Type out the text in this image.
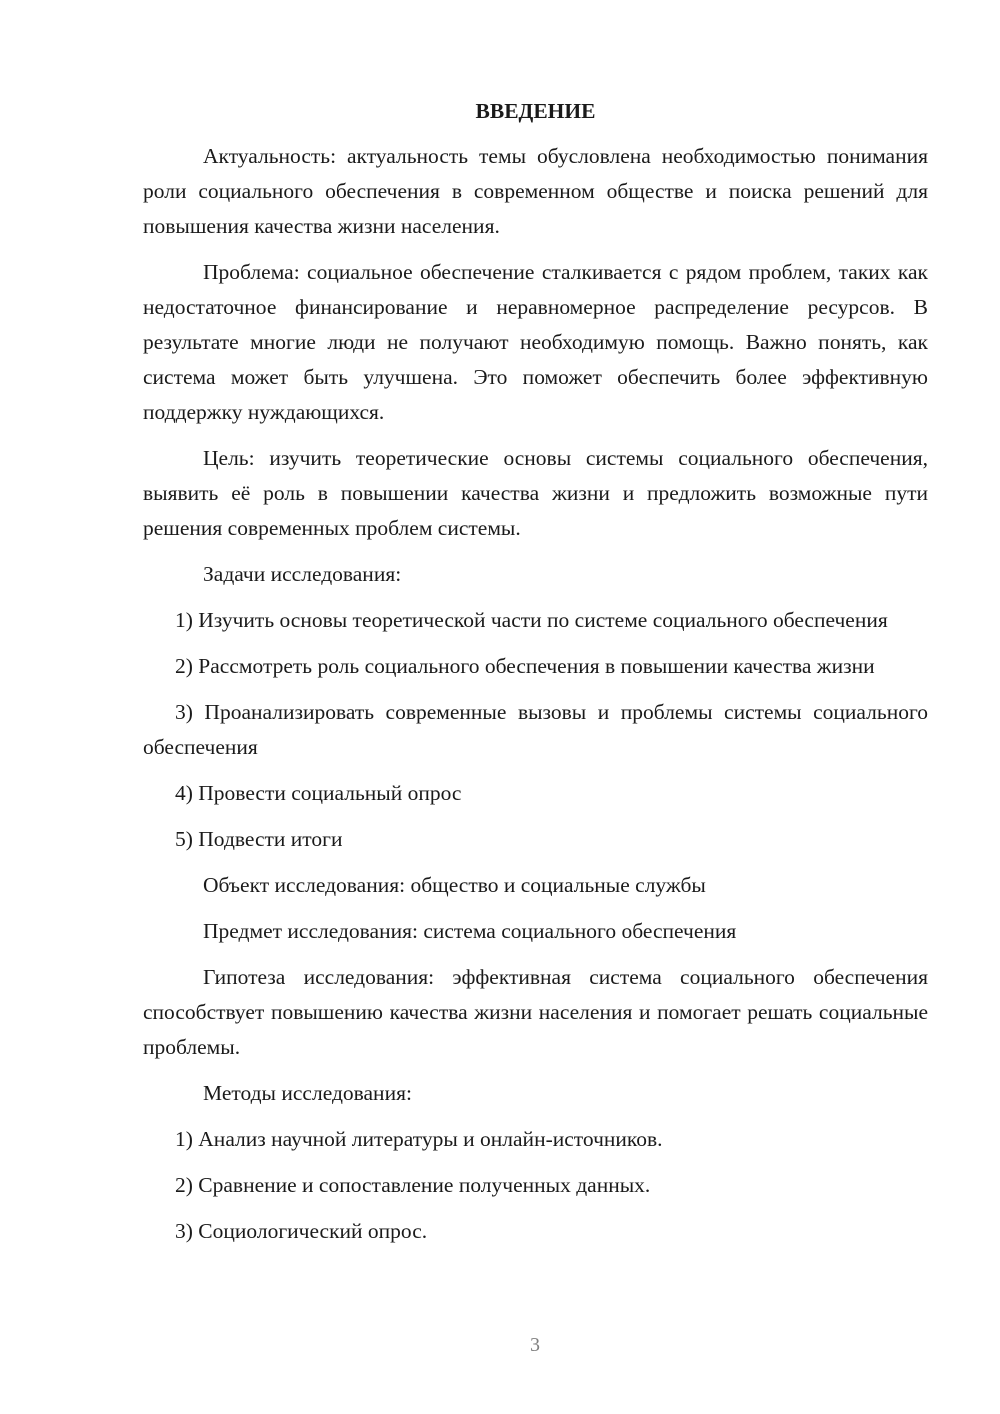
ВВЕДЕНИЕ

Актуальность: актуальность темы обусловлена необходимостью понимания роли социального обеспечения в современном обществе и поиска решений для повышения качества жизни населения.

Проблема: социальное обеспечение сталкивается с рядом проблем, таких как недостаточное финансирование и неравномерное распределение ресурсов. В результате многие люди не получают необходимую помощь. Важно понять, как система может быть улучшена. Это поможет обеспечить более эффективную поддержку нуждающихся.

Цель: изучить теоретические основы системы социального обеспечения, выявить её роль в повышении качества жизни и предложить возможные пути решения современных проблем системы.

Задачи исследования:

1) Изучить основы теоретической части по системе социального обеспечения

2) Рассмотреть роль социального обеспечения в повышении качества жизни

3) Проанализировать современные вызовы и проблемы системы социального обеспечения

4) Провести социальный опрос

5) Подвести итоги

Объект исследования: общество и социальные службы

Предмет исследования: система социального обеспечения

Гипотеза исследования: эффективная система социального обеспечения способствует повышению качества жизни населения и помогает решать социальные проблемы.

Методы исследования:

1) Анализ научной литературы и онлайн-источников.

2) Сравнение и сопоставление полученных данных.

3) Социологический опрос.

3
